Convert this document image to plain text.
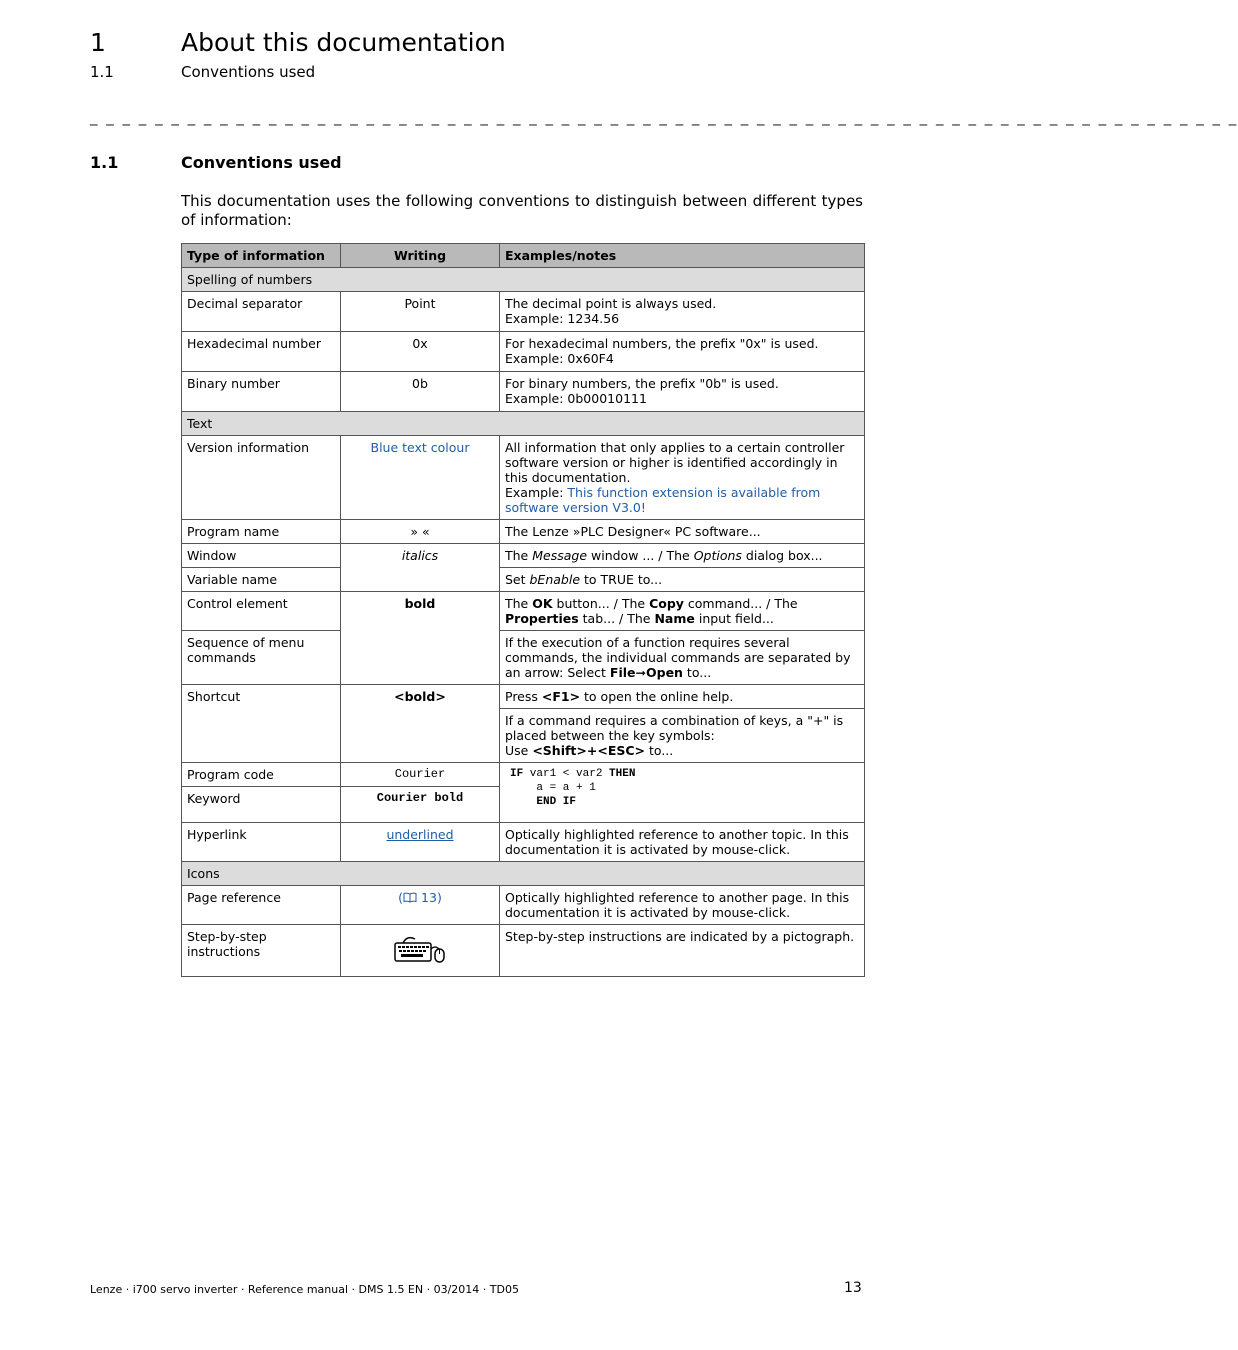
1	About this documentation
1.1	Conventions used
_ _ _ _ _ _ _ _ _ _ _ _ _ _ _ _ _ _ _ _ _ _ _ _ _ _ _ _ _ _ _ _ _ _ _ _ _ _ _ _ _ _ _ _ _ _ _ _ _ _ _ _ _ _ _ _ _ _ _ _ _ _ _ _ _ _ _ _ _ _ _
1.1	Conventions used
This documentation uses the following conventions to distinguish between different types of information:
Type of information	Writing	Examples/notes
Spelling of numbers		
Decimal separator	Point	The decimal point is always used.
Example: 1234.56
Hexadecimal number	0x	For hexadecimal numbers, the prefix "0x" is used.
Example: 0x60F4
Binary number	0b	For binary numbers, the prefix "0b" is used.
Example: 0b00010111
Text		
Version information	Blue text colour	All information that only applies to a certain controller software version or higher is identified accordingly in this documentation.
Example: This function extension is available from software version V3.0!
Program name	» «	The Lenze »PLC Designer« PC software...
Window	italics	The Message window ... / The Options dialog box...
Variable name		Set bEnable to TRUE to...
Control element	bold	The OK button... / The Copy command... / The Properties tab... / The Name input field...
Sequence of menu commands		If the execution of a function requires several commands, the individual commands are separated by an arrow: Select File➞Open to...
Shortcut	<bold>	Press <F1> to open the online help.
		If a command requires a combination of keys, a "+" is placed between the key symbols:
Use <Shift>+<ESC> to...
Program code	Courier	IF var1 < var2 THEN
a = a + 1
END IF

Keyword	Courier bold	
Hyperlink	underlined	Optically highlighted reference to another topic. In this documentation it is activated by mouse-click.
Icons		
Page reference	( 13)	Optically highlighted reference to another page. In this documentation it is activated by mouse-click.
Step-by-step instructions		Step-by-step instructions are indicated by a pictograph.
Lenze · i700 servo inverter · Reference manual · DMS 1.5 EN · 03/2014 · TD05	13
